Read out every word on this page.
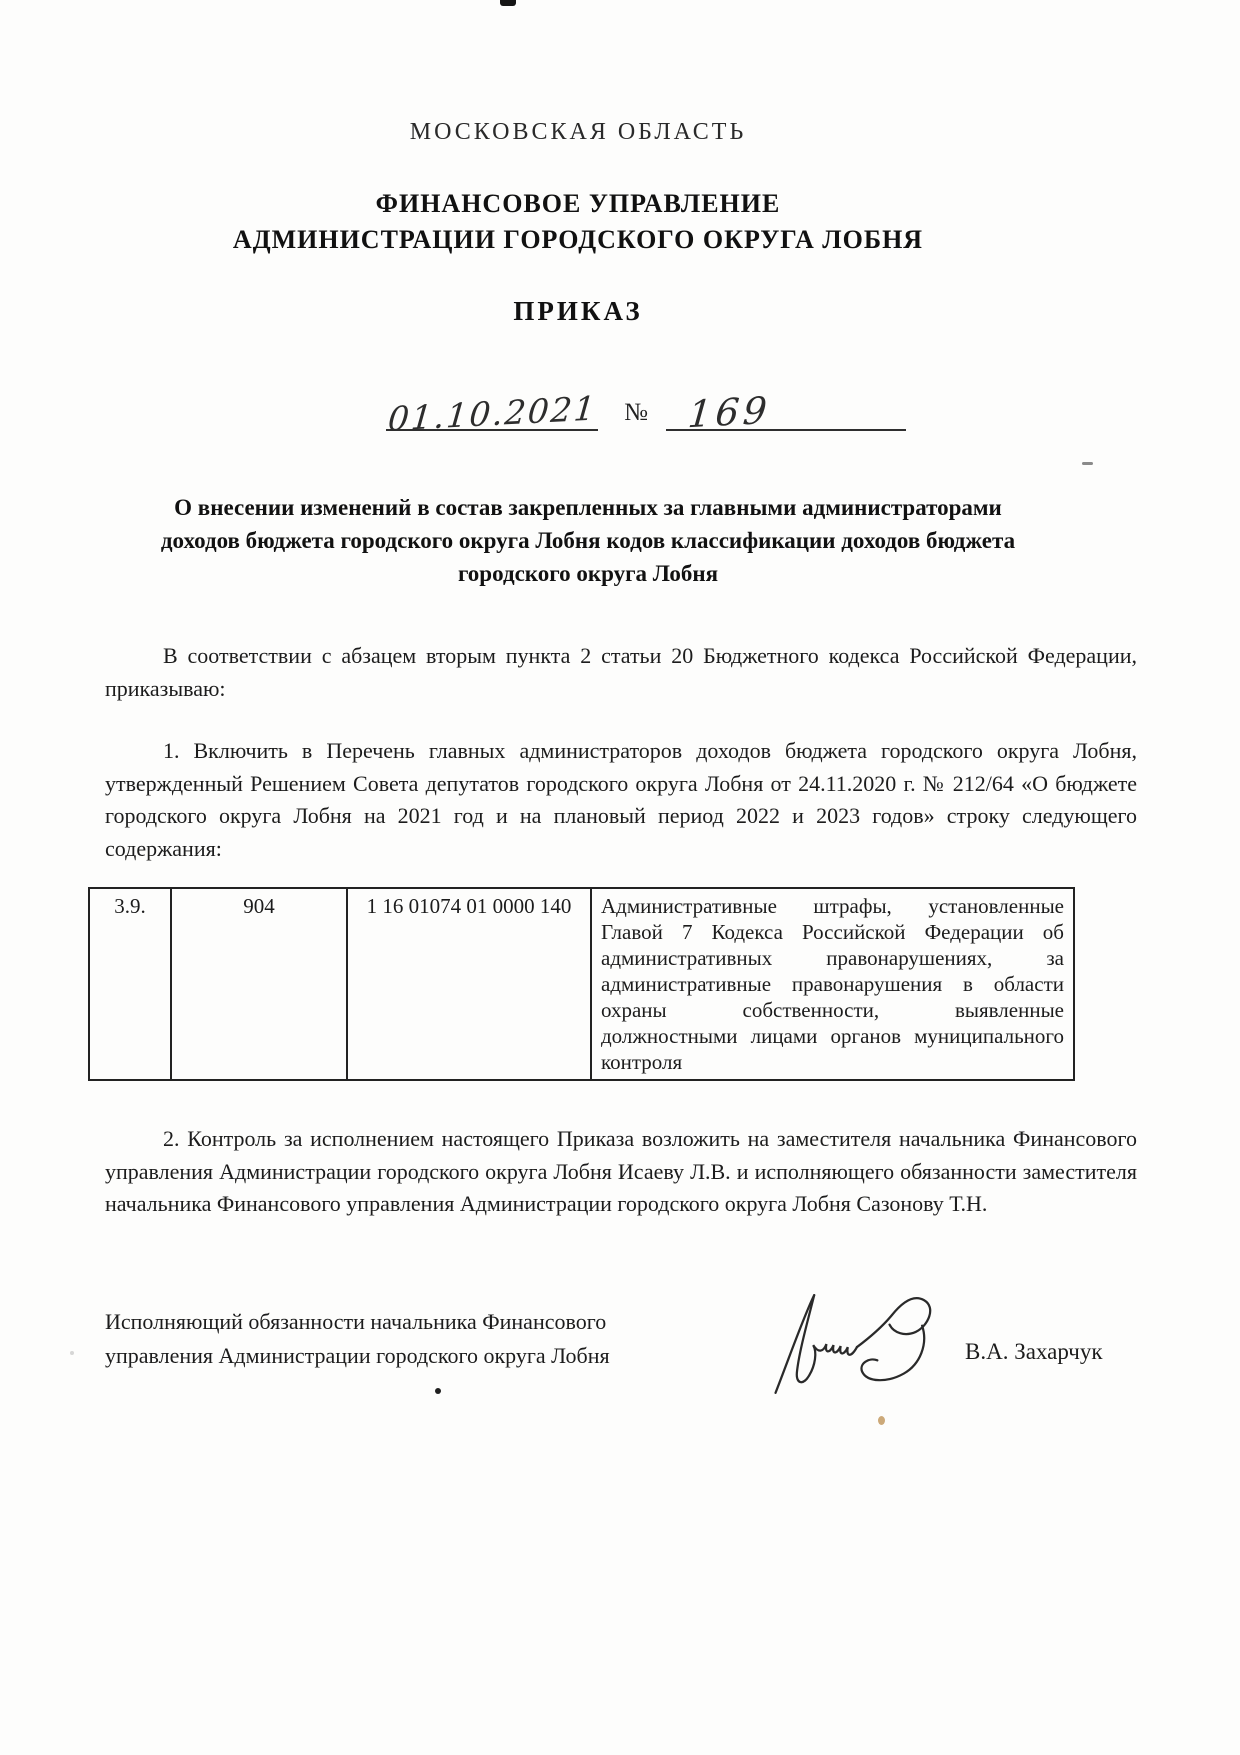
МОСКОВСКАЯ ОБЛАСТЬ
ФИНАНСОВОЕ УПРАВЛЕНИЕ
АДМИНИСТРАЦИИ ГОРОДСКОГО ОКРУГА ЛОБНЯ
ПРИКАЗ
01.10.2021	№	169
О внесении изменений в состав закрепленных за главными администраторами доходов бюджета городского округа Лобня кодов классификации доходов бюджета городского округа Лобня

В соответствии с абзацем вторым пункта 2 статьи 20 Бюджетного кодекса Российской Федерации, приказываю:

1. Включить в Перечень главных администраторов доходов бюджета городского округа Лобня, утвержденный Решением Совета депутатов городского округа Лобня от 24.11.2020 г. № 212/64 «О бюджете городского округа Лобня на 2021 год и на плановый период 2022 и 2023 годов» строку следующего содержания:

3.9.	904	1 16 01074 01 0000 140	Административные штрафы, установленные Главой 7 Кодекса Российской Федерации об административных правонарушениях, за административные правонарушения в области охраны собственности, выявленные должностными лицами органов муниципального контроля

2. Контроль за исполнением настоящего Приказа возложить на заместителя начальника Финансового управления Администрации городского округа Лобня Исаеву Л.В. и исполняющего обязанности заместителя начальника Финансового управления Администрации городского округа Лобня Сазонову Т.Н.

Исполняющий обязанности начальника Финансового
управления Администрации городского округа Лобня	В.А. Захарчук
